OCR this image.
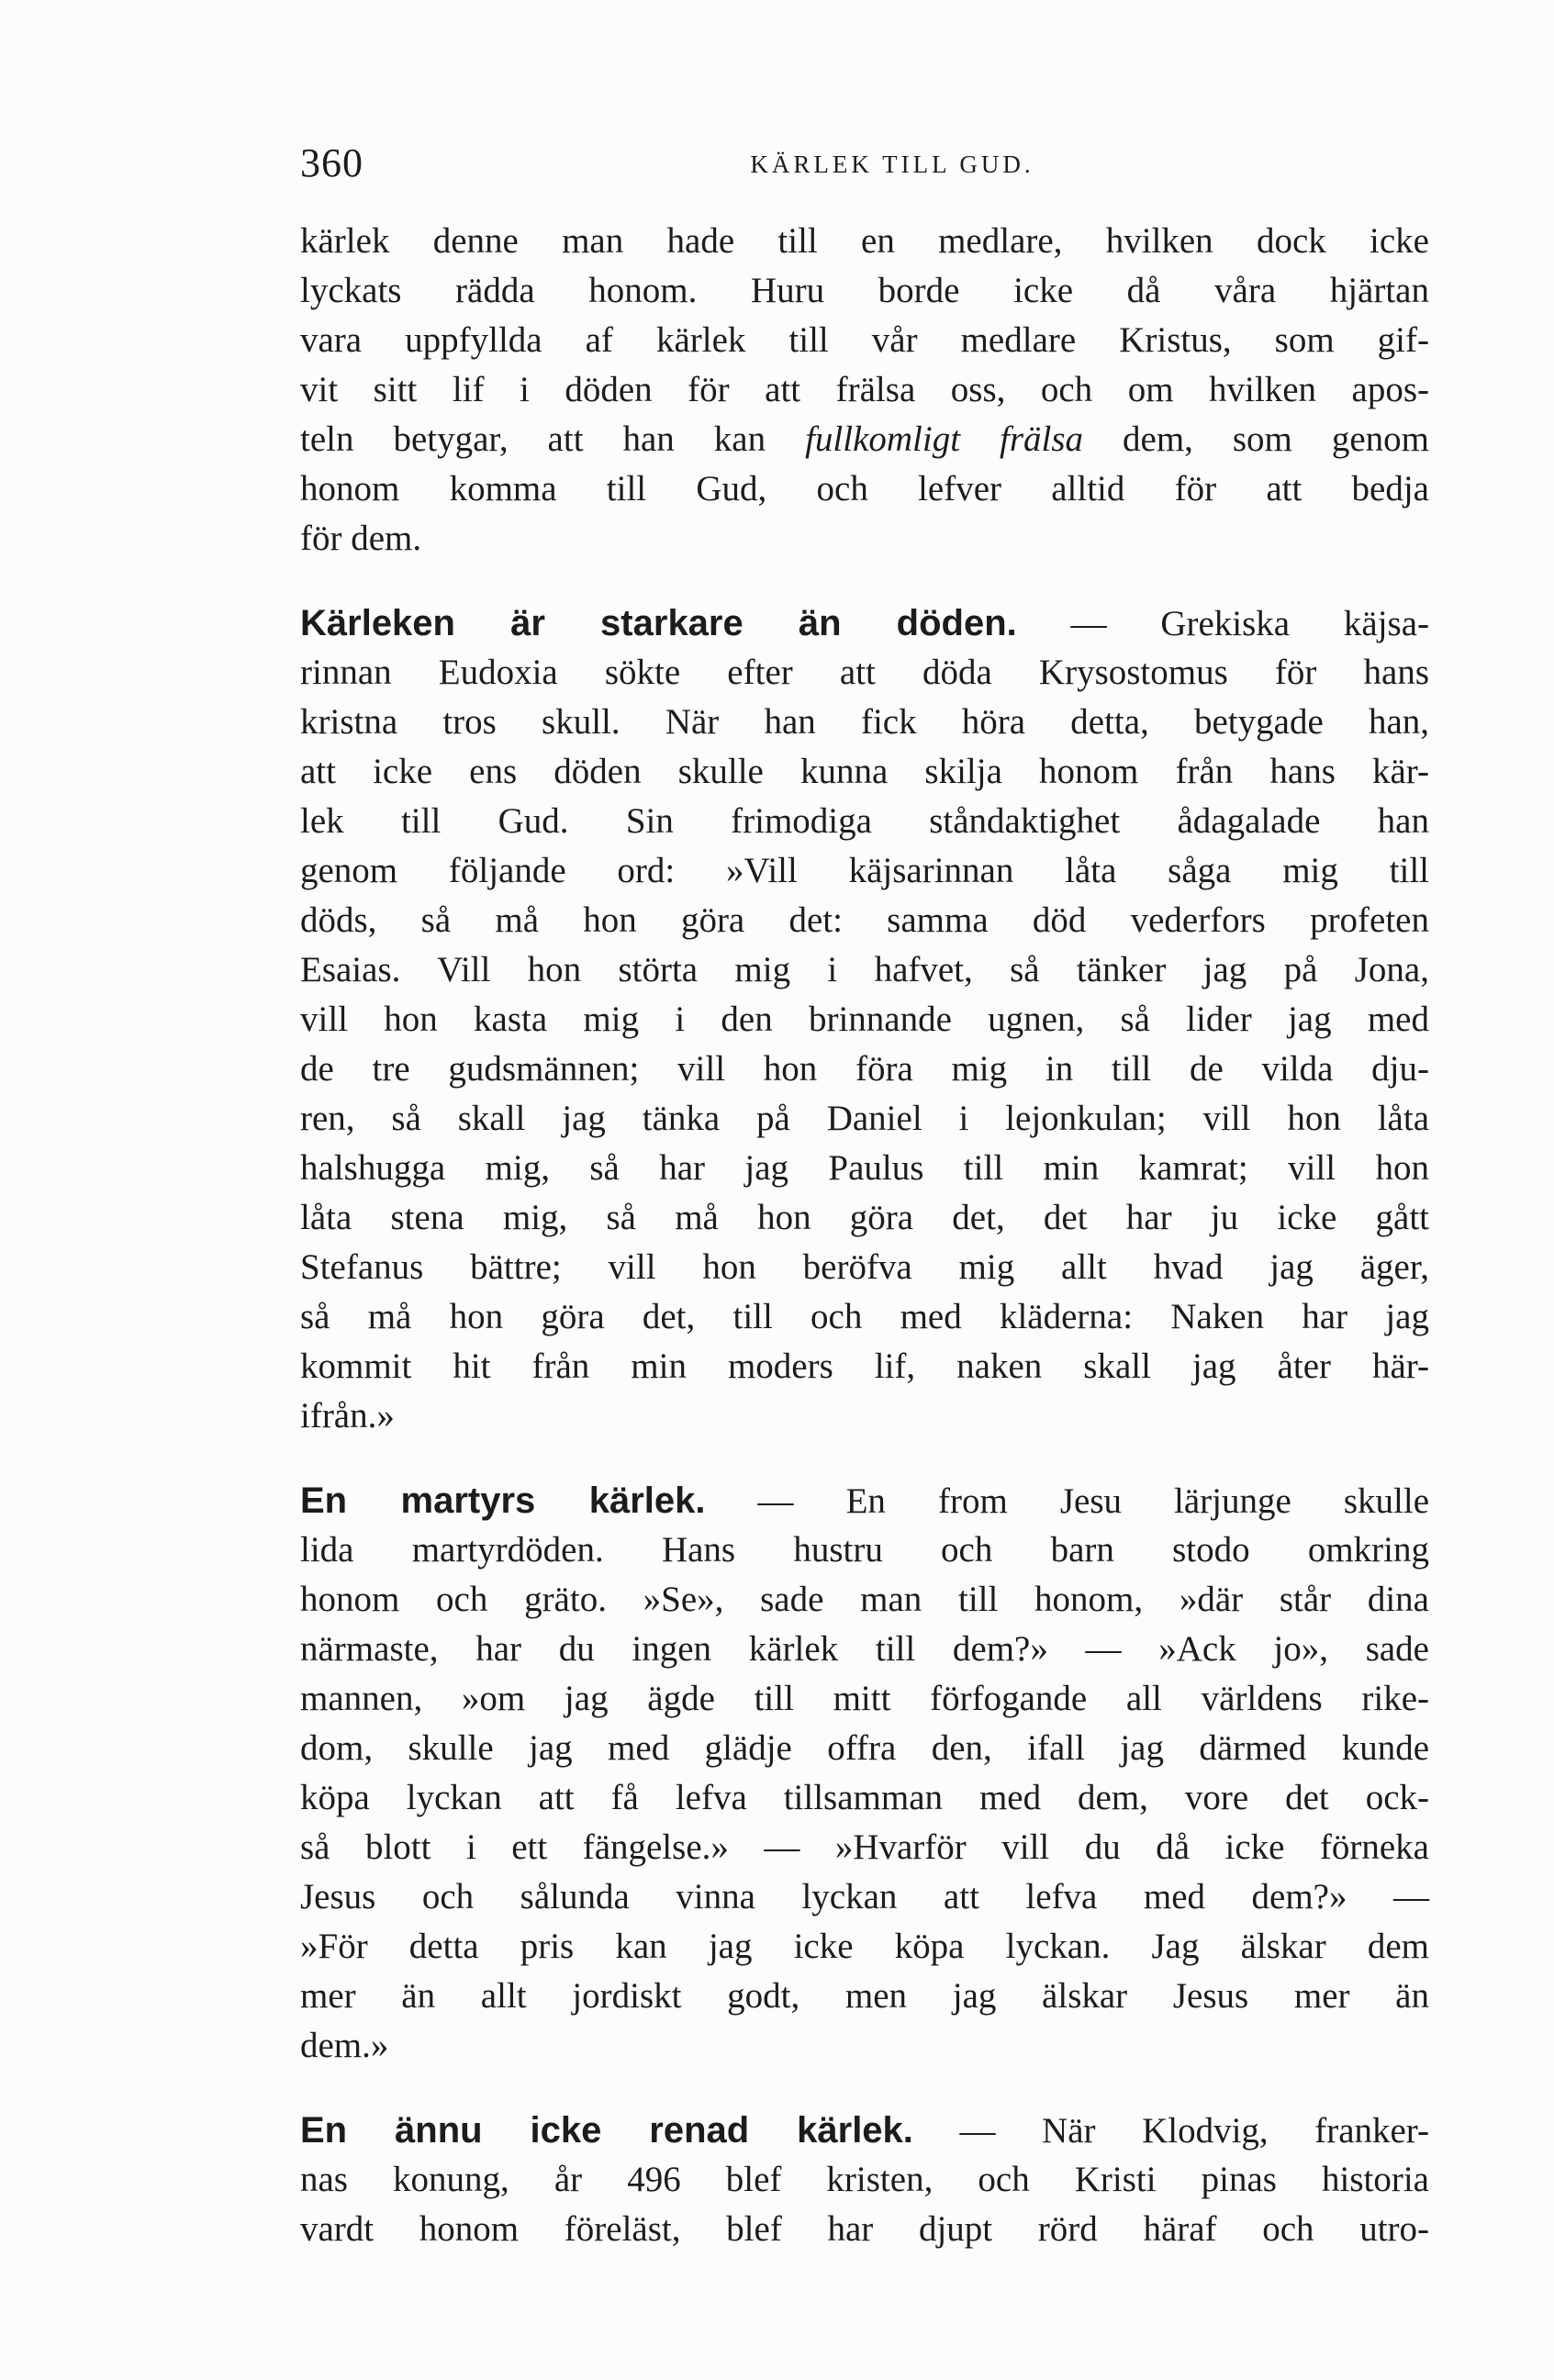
360	KÄRLEK TILL GUD.
kärlek denne man hade till en medlare, hvilken dock icke
lyckats rädda honom. Huru borde icke då våra hjärtan
vara uppfyllda af kärlek till vår medlare Kristus, som gif-
vit sitt lif i döden för att frälsa oss, och om hvilken apos-
teln betygar, att han kan fullkomligt frälsa dem, som genom
honom komma till Gud, och lefver alltid för att bedja
för dem.
Kärleken är starkare än döden. — Grekiska käjsa-
rinnan Eudoxia sökte efter att döda Krysostomus för hans
kristna tros skull. När han fick höra detta, betygade han,
att icke ens döden skulle kunna skilja honom från hans kär-
lek till Gud. Sin frimodiga ståndaktighet ådagalade han
genom följande ord: »Vill käjsarinnan låta såga mig till
döds, så må hon göra det: samma död vederfors profeten
Esaias. Vill hon störta mig i hafvet, så tänker jag på Jona,
vill hon kasta mig i den brinnande ugnen, så lider jag med
de tre gudsmännen; vill hon föra mig in till de vilda dju-
ren, så skall jag tänka på Daniel i lejonkulan; vill hon låta
halshugga mig, så har jag Paulus till min kamrat; vill hon
låta stena mig, så må hon göra det, det har ju icke gått
Stefanus bättre; vill hon beröfva mig allt hvad jag äger,
så må hon göra det, till och med kläderna: Naken har jag
kommit hit från min moders lif, naken skall jag åter här-
ifrån.»
En martyrs kärlek. — En from Jesu lärjunge skulle
lida martyrdöden. Hans hustru och barn stodo omkring
honom och gräto. »Se», sade man till honom, »där står dina
närmaste, har du ingen kärlek till dem?» — »Ack jo», sade
mannen, »om jag ägde till mitt förfogande all världens rike-
dom, skulle jag med glädje offra den, ifall jag därmed kunde
köpa lyckan att få lefva tillsamman med dem, vore det ock-
så blott i ett fängelse.» — »Hvarför vill du då icke förneka
Jesus och sålunda vinna lyckan att lefva med dem?» —
»För detta pris kan jag icke köpa lyckan. Jag älskar dem
mer än allt jordiskt godt, men jag älskar Jesus mer än
dem.»
En ännu icke renad kärlek. — När Klodvig, franker-
nas konung, år 496 blef kristen, och Kristi pinas historia
vardt honom föreläst, blef har djupt rörd häraf och utro-
